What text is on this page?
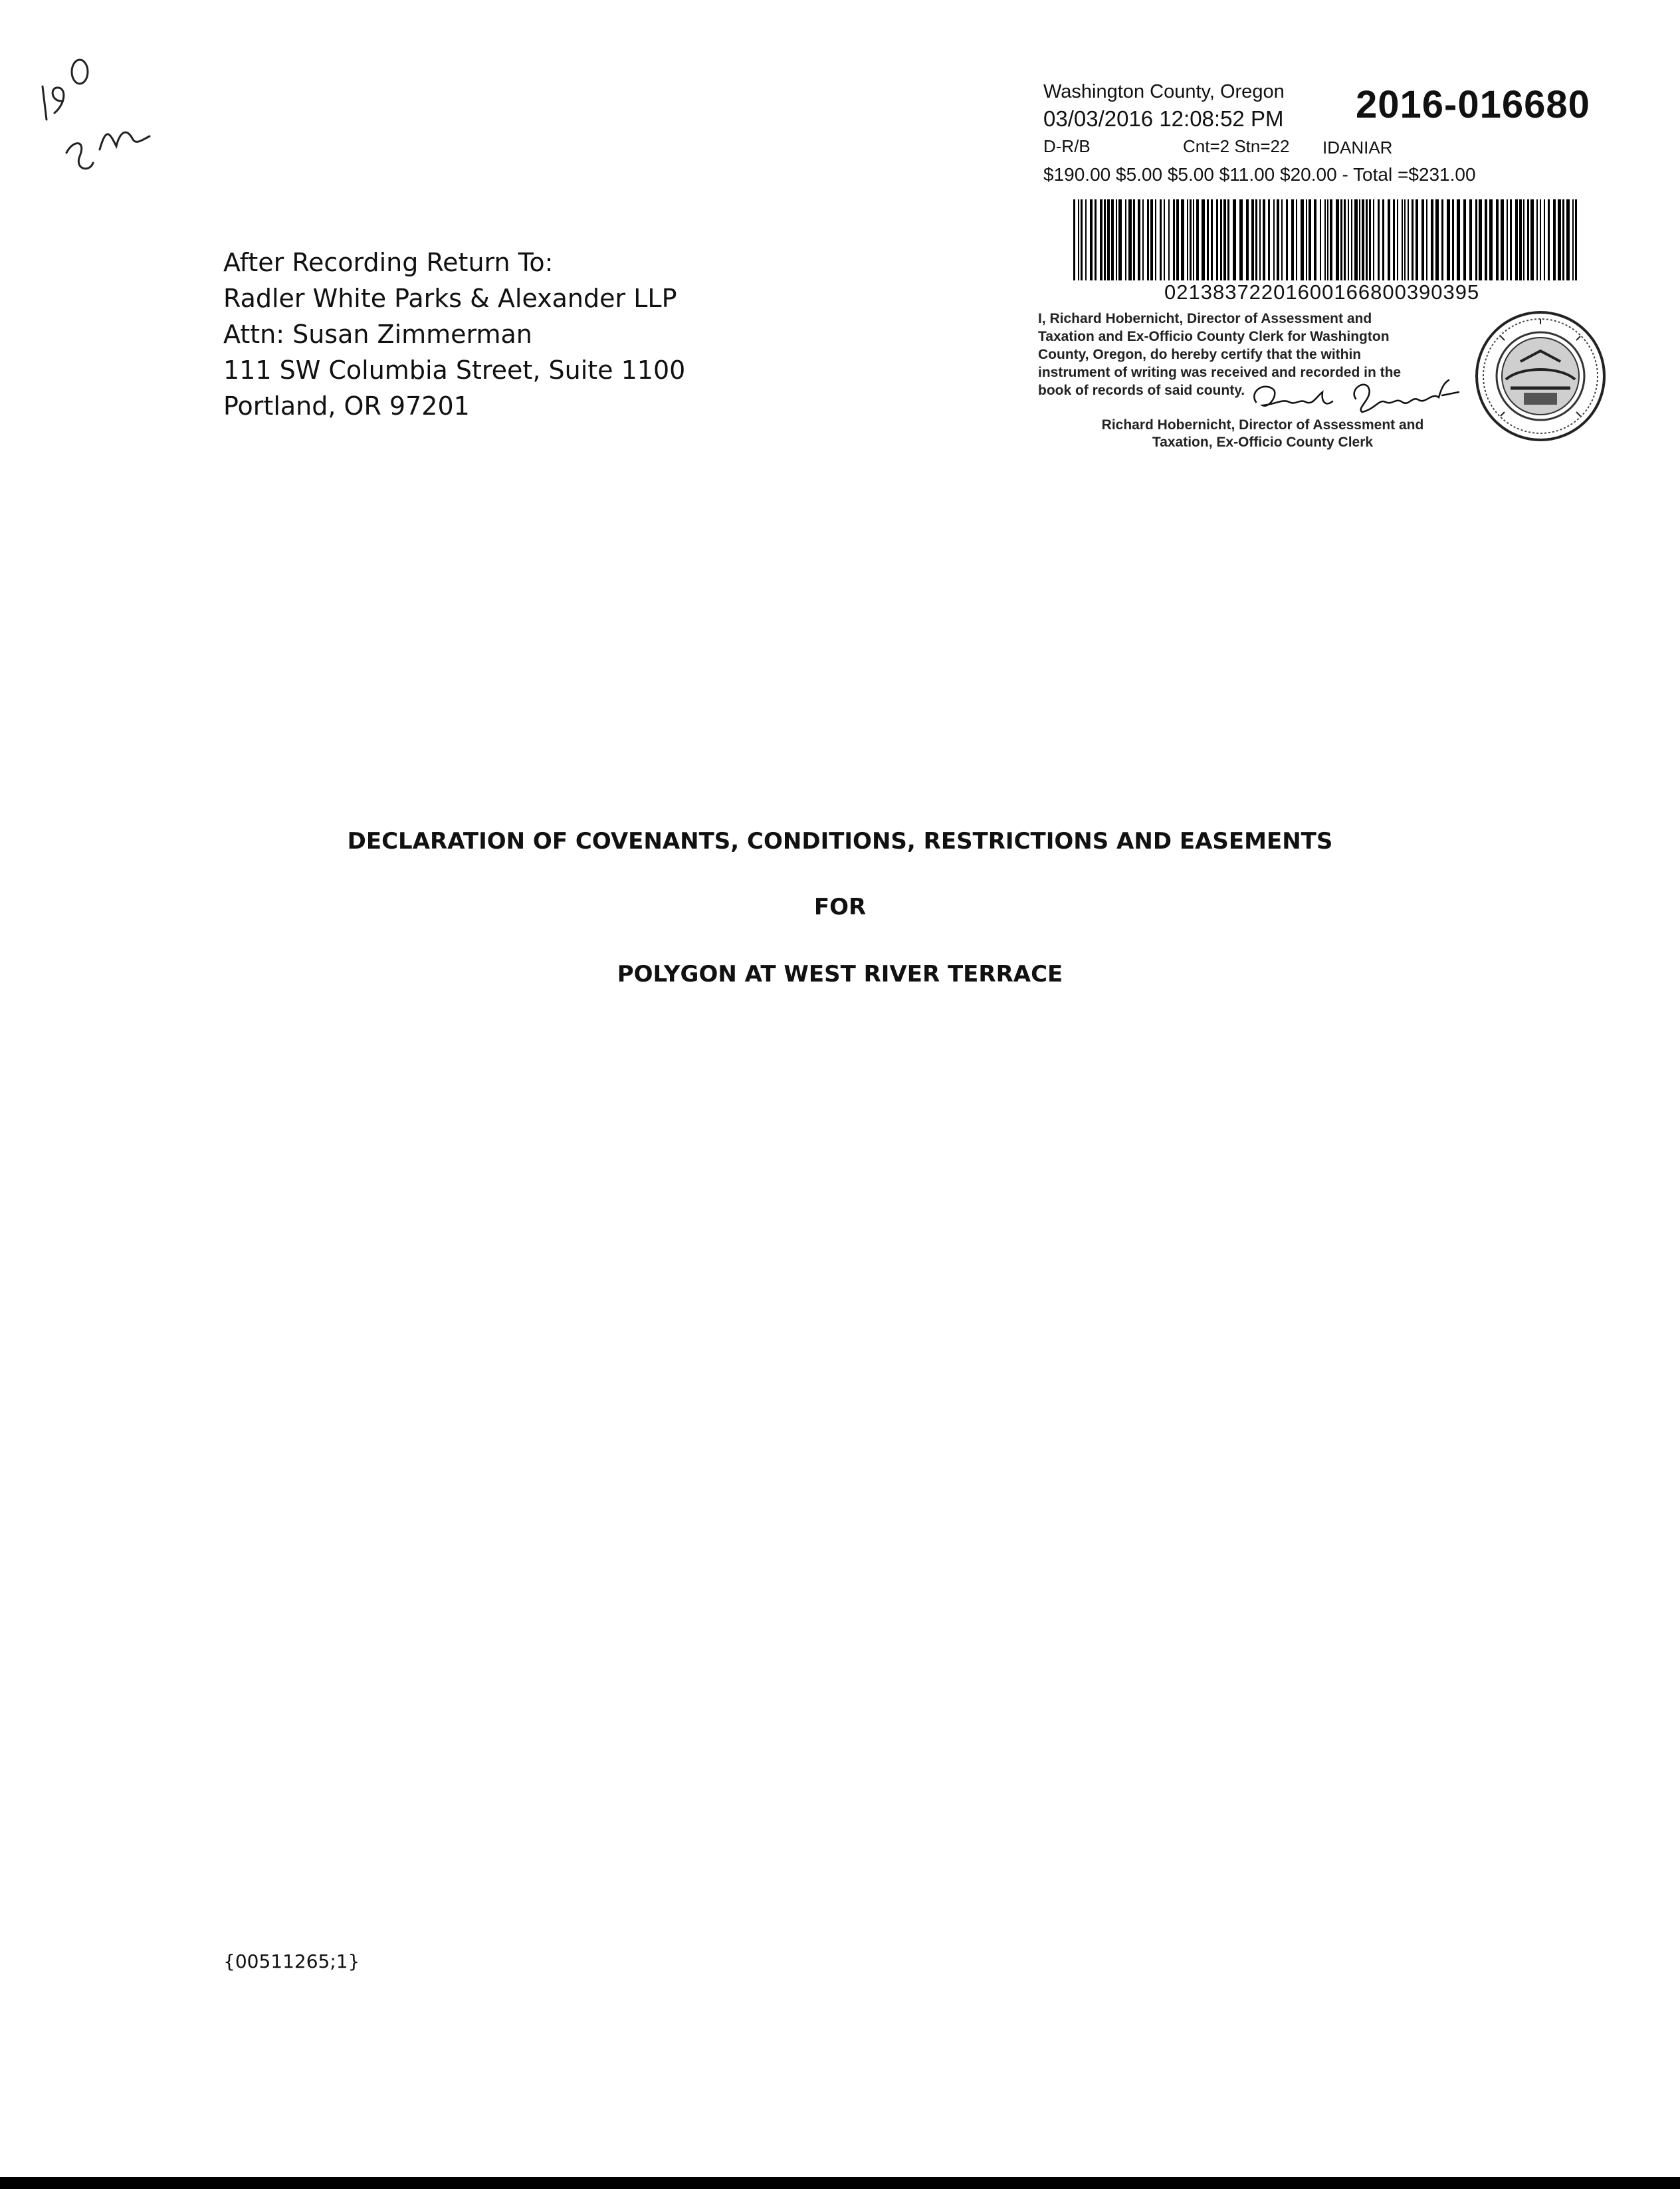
Washington County, Oregon
03/03/2016 12:08:52 PM 2016-016680
D-R/B	Cnt=2 Stn=22 IDANIAR
$190.00 $5.00 $5.00 $11.00 $20.00 - Total =$231.00
02138372201600166800390395
I, Richard Hobernicht, Director of Assessment and
Taxation and Ex-Officio County Clerk for Washington
County, Oregon, do hereby certify that the within
instrument of writing was received and recorded in the
book of records of said county.
Richard Hobernicht, Director of Assessment and
Taxation, Ex-Officio County Clerk
After Recording Return To:
Radler White Parks & Alexander LLP
Attn: Susan Zimmerman
111 SW Columbia Street, Suite 1100
Portland, OR 97201
DECLARATION OF COVENANTS, CONDITIONS, RESTRICTIONS AND EASEMENTS
FOR
POLYGON AT WEST RIVER TERRACE
{00511265;1}
